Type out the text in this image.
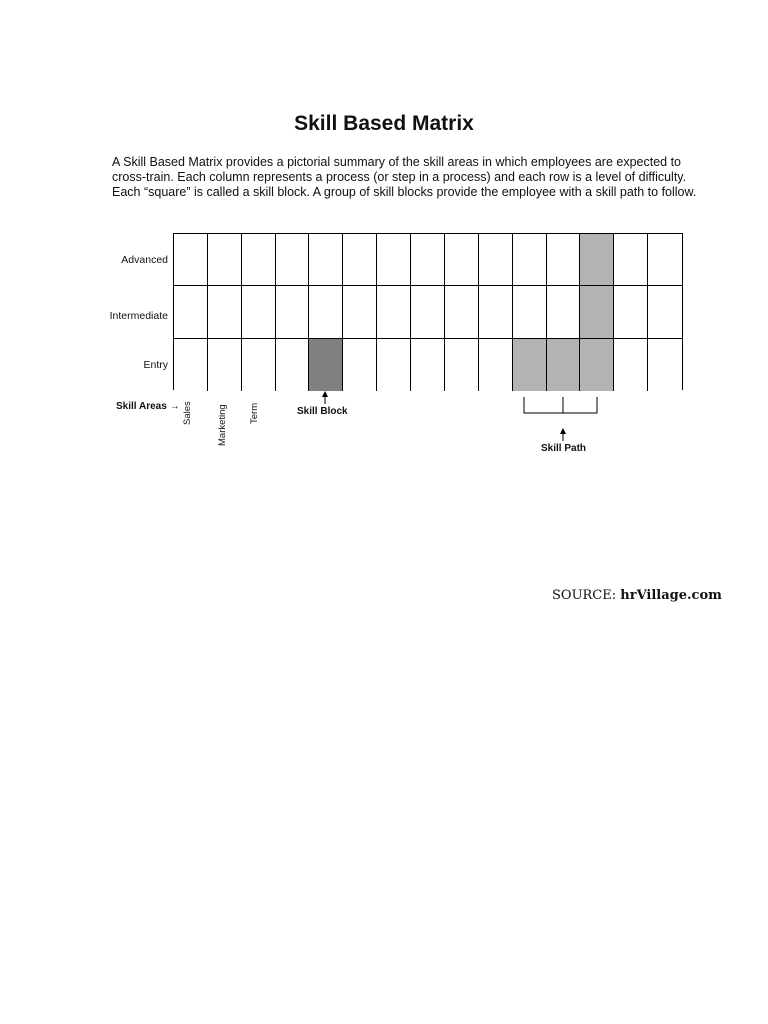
Skill Based Matrix

A Skill Based Matrix provides a pictorial summary of the skill areas in which employees are expected to

cross-train. Each column represents a process (or step in a process) and each row is a level of difficulty.

Each “square” is called a skill block. A group of skill blocks provide the employee with a skill path to follow.

Advanced
Intermediate
Entry
Skill Areas → Sales	Marketing Term	Skill Block
Skill Path
SOURCE: hrVillage.com
